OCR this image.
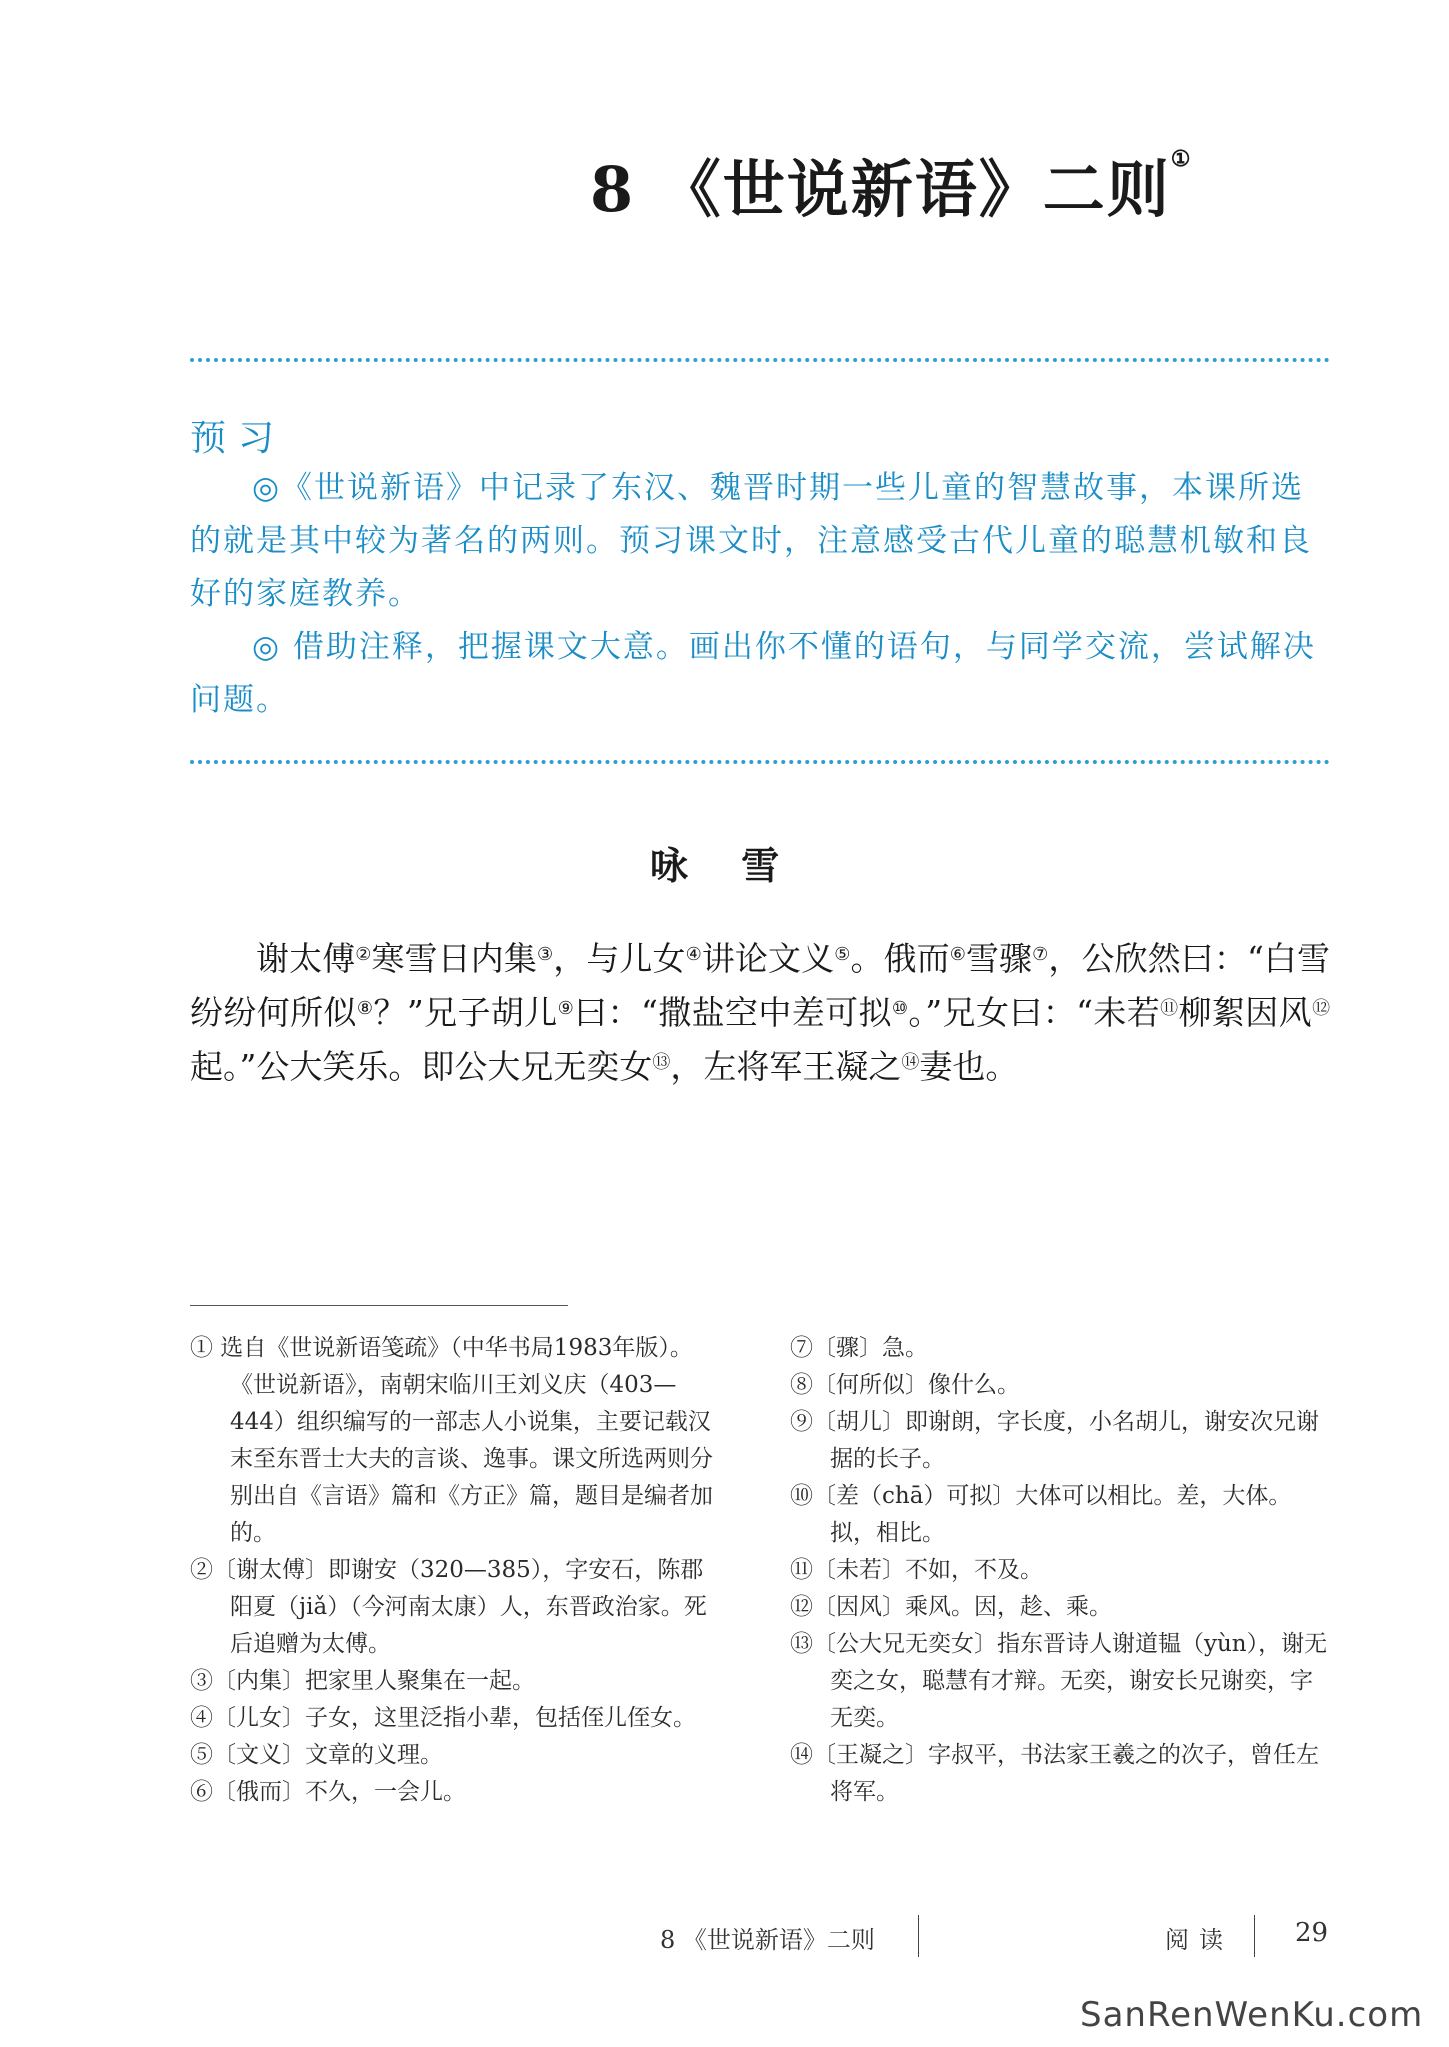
8 《世说新语》二则①
预习

◎《世说新语》中记录了东汉、魏晋时期一些儿童的智慧故事，本课所选的就是其中较为著名的两则。预习课文时，注意感受古代儿童的聪慧机敏和良好的家庭教养。

◎ 借助注释，把握课文大意。画出你不懂的语句，与同学交流，尝试解决问题。

咏 雪
谢太傅②寒雪日内集③，与儿女④讲论文义⑤。俄而⑥雪骤⑦，公欣然曰：“白雪纷纷何所似⑧？”兄子胡儿⑨曰：“撒盐空中差可拟⑩。”兄女曰：“未若⑪柳絮因风⑫起。”公大笑乐。即公大兄无奕女⑬，左将军王凝之⑭妻也。
① 选自《世说新语笺疏》（中华书局1983年版）。《世说新语》，南朝宋临川王刘义庆（403—444）组织编写的一部志人小说集，主要记载汉末至东晋士大夫的言谈、逸事。课文所选两则分别出自《言语》篇和《方正》篇，题目是编者加的。
②〔谢太傅〕即谢安（320—385），字安石，陈郡阳夏（jiǎ）（今河南太康）人，东晋政治家。死后追赠为太傅。
③〔内集〕把家里人聚集在一起。
④〔儿女〕子女，这里泛指小辈，包括侄儿侄女。
⑤〔文义〕文章的义理。
⑥〔俄而〕不久，一会儿。
⑦〔骤〕急。
⑧〔何所似〕像什么。
⑨〔胡儿〕即谢朗，字长度，小名胡儿，谢安次兄谢据的长子。
⑩〔差（chā）可拟〕大体可以相比。差，大体。拟，相比。
⑪〔未若〕不如，不及。
⑫〔因风〕乘风。因，趁、乘。
⑬〔公大兄无奕女〕指东晋诗人谢道韫（yùn），谢无奕之女，聪慧有才辩。无奕，谢安长兄谢奕，字无奕。
⑭〔王凝之〕字叔平，书法家王羲之的次子，曾任左将军。
8 《世说新语》二则	阅读 29
SanRenWenKu.com
